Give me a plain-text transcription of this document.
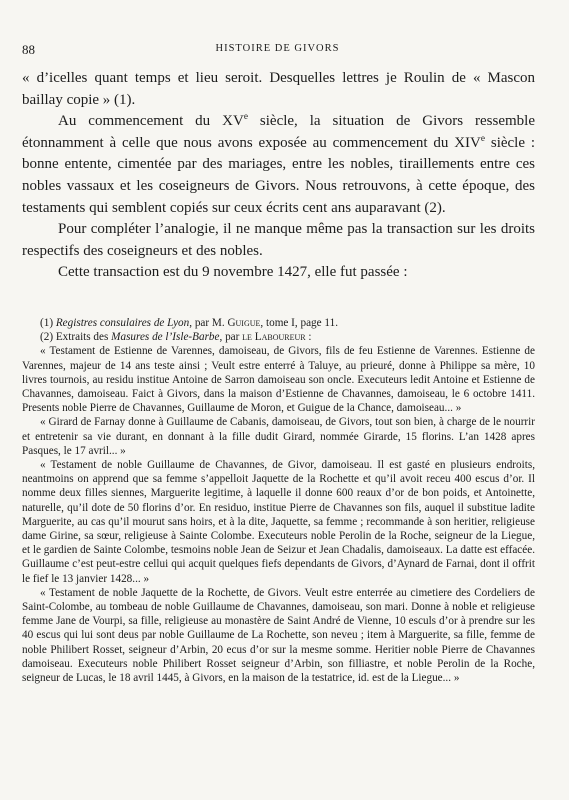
88	HISTOIRE DE GIVORS

« d’icelles quant temps et lieu seroit. Desquelles lettres je Roulin de « Mascon baillay copie » (1).

Au commencement du XVe siècle, la situation de Givors ressemble étonnamment à celle que nous avons exposée au commencement du XIVe siècle : bonne entente, cimentée par des mariages, entre les nobles, tiraillements entre ces nobles vassaux et les coseigneurs de Givors. Nous retrouvons, à cette époque, des testaments qui semblent copiés sur ceux écrits cent ans auparavant (2).

Pour compléter l’analogie, il ne manque même pas la transaction sur les droits respectifs des coseigneurs et des nobles.

Cette transaction est du 9 novembre 1427, elle fut passée :

(1) Registres consulaires de Lyon, par M. Guigue, tome I, page 11.

(2) Extraits des Masures de l’Isle-Barbe, par le Laboureur :

« Testament de Estienne de Varennes, damoiseau, de Givors, fils de feu Estienne de Varennes. Estienne de Varennes, majeur de 14 ans teste ainsi ; Veult estre enterré à Taluye, au prieuré, donne à Philippe sa mère, 10 livres tournois, au residu institue Antoine de Sarron damoiseau son oncle. Executeurs ledit Antoine et Estienne de Chavannes, damoiseau. Faict à Givors, dans la maison d’Estienne de Chavannes, damoiseau, le 6 octobre 1411. Presents noble Pierre de Chavannes, Guillaume de Moron, et Guigue de la Chance, damoiseau... »

« Girard de Farnay donne à Guillaume de Cabanis, damoiseau, de Givors, tout son bien, à charge de le nourrir et entretenir sa vie durant, en donnant à la fille dudit Girard, nommée Girarde, 15 florins. L’an 1428 apres Pasques, le 17 avril... »

« Testament de noble Guillaume de Chavannes, de Givor, damoiseau. Il est gasté en plusieurs endroits, neantmoins on apprend que sa femme s’appelloit Jaquette de la Rochette et qu’il avoit receu 400 escus d’or. Il nomme deux filles siennes, Marguerite legitime, à laquelle il donne 600 reaux d’or de bon poids, et Antoinette, naturelle, qu’il dote de 50 florins d’or. En residuo, institue Pierre de Chavannes son fils, auquel il substitue ladite Marguerite, au cas qu’il mourut sans hoirs, et à la dite, Jaquette, sa femme ; recommande à son heritier, religieuse dame Girine, sa sœur, religieuse à Sainte Colombe. Executeurs noble Perolin de la Roche, seigneur de la Liegue, et le gardien de Sainte Colombe, tesmoins noble Jean de Seizur et Jean Chadalis, damoiseaux. La datte est effacée. Guillaume c’est peut-estre cellui qui acquit quelques fiefs dependants de Givors, d’Aynard de Farnai, dont il offrit le fief le 13 janvier 1428... »

« Testament de noble Jaquette de la Rochette, de Givors. Veult estre enterrée au cimetiere des Cordeliers de Saint-Colombe, au tombeau de noble Guillaume de Chavannes, damoiseau, son mari. Donne à noble et religieuse femme Jane de Vourpi, sa fille, religieuse au monastère de Saint André de Vienne, 10 esculs d’or à prendre sur les 40 escus qui lui sont deus par noble Guillaume de La Rochette, son neveu ; item à Marguerite, sa fille, femme de noble Philibert Rosset, seigneur d’Arbin, 20 ecus d’or sur la mesme somme. Heritier noble Pierre de Chavannes damoiseau. Executeurs noble Philibert Rosset seigneur d’Arbin, son filliastre, et noble Perolin de la Roche, seigneur de Lucas, le 18 avril 1445, à Givors, en la maison de la testatrice, id. est de la Liegue... »
